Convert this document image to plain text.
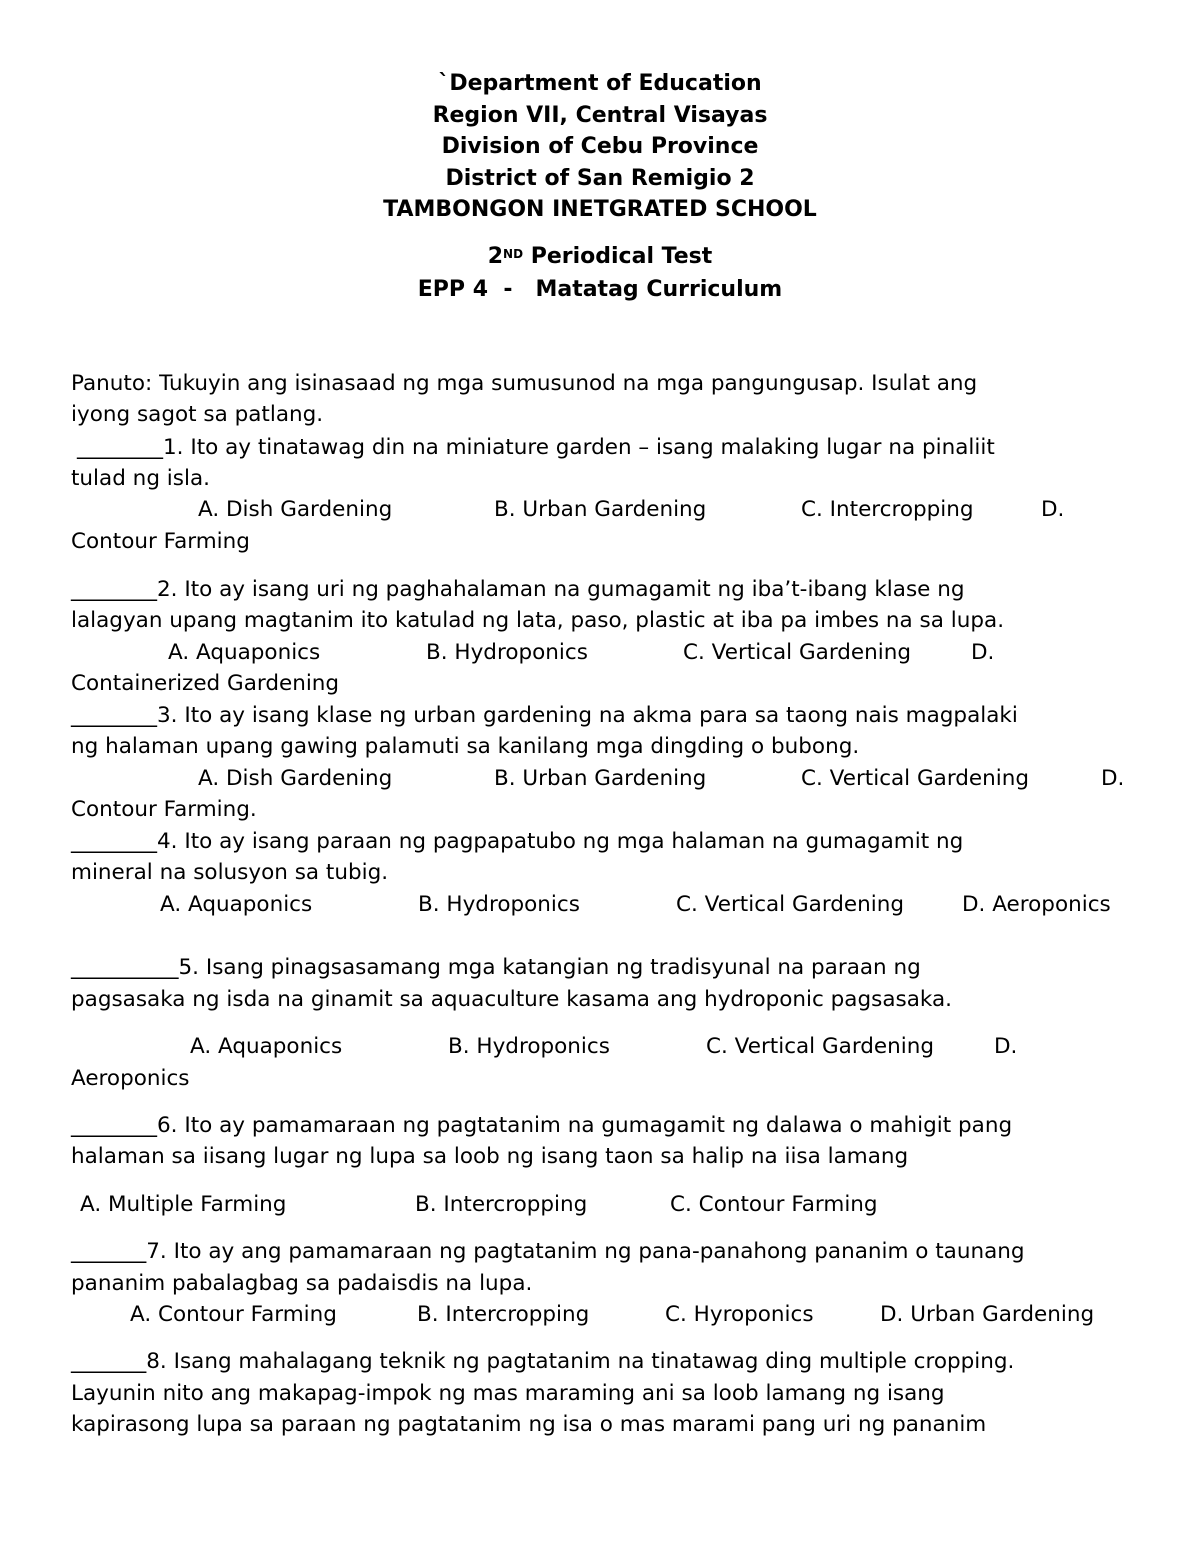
`Department of Education
Region VII, Central Visayas
Division of Cebu Province
District of San Remigio 2
TAMBONGON INETGRATED SCHOOL
2ND Periodical Test
EPP 4  -   Matatag Curriculum
Panuto: Tukuyin ang isinasaad ng mga sumusunod na mga pangungusap. Isulat ang
iyong sagot sa patlang.
________1. Ito ay tinatawag din na miniature garden – isang malaking lugar na pinaliit
tulad ng isla.
A. Dish Gardening	B. Urban Gardening	C. Intercropping	D.
Contour Farming
________2. Ito ay isang uri ng paghahalaman na gumagamit ng iba’t-ibang klase ng
lalagyan upang magtanim ito katulad ng lata, paso, plastic at iba pa imbes na sa lupa.
A. Aquaponics	B. Hydroponics	C. Vertical Gardening	D.
Containerized Gardening
________3. Ito ay isang klase ng urban gardening na akma para sa taong nais magpalaki
ng halaman upang gawing palamuti sa kanilang mga dingding o bubong.
A. Dish Gardening	B. Urban Gardening	C. Vertical Gardening	D.
Contour Farming.
________4. Ito ay isang paraan ng pagpapatubo ng mga halaman na gumagamit ng
mineral na solusyon sa tubig.
A. Aquaponics	B. Hydroponics	C. Vertical Gardening	D. Aeroponics
__________5. Isang pinagsasamang mga katangian ng tradisyunal na paraan ng
pagsasaka ng isda na ginamit sa aquaculture kasama ang hydroponic pagsasaka.
A. Aquaponics	B. Hydroponics	C. Vertical Gardening	D.
Aeroponics
________6. Ito ay pamamaraan ng pagtatanim na gumagamit ng dalawa o mahigit pang
halaman sa iisang lugar ng lupa sa loob ng isang taon sa halip na iisa lamang
A. Multiple Farming	B. Intercropping	C. Contour Farming
_______7. Ito ay ang pamamaraan ng pagtatanim ng pana-panahong pananim o taunang
pananim pabalagbag sa padaisdis na lupa.
A. Contour Farming	B. Intercropping	C. Hyroponics	D. Urban Gardening
_______8. Isang mahalagang teknik ng pagtatanim na tinatawag ding multiple cropping.
Layunin nito ang makapag-impok ng mas maraming ani sa loob lamang ng isang
kapirasong lupa sa paraan ng pagtatanim ng isa o mas marami pang uri ng pananim
